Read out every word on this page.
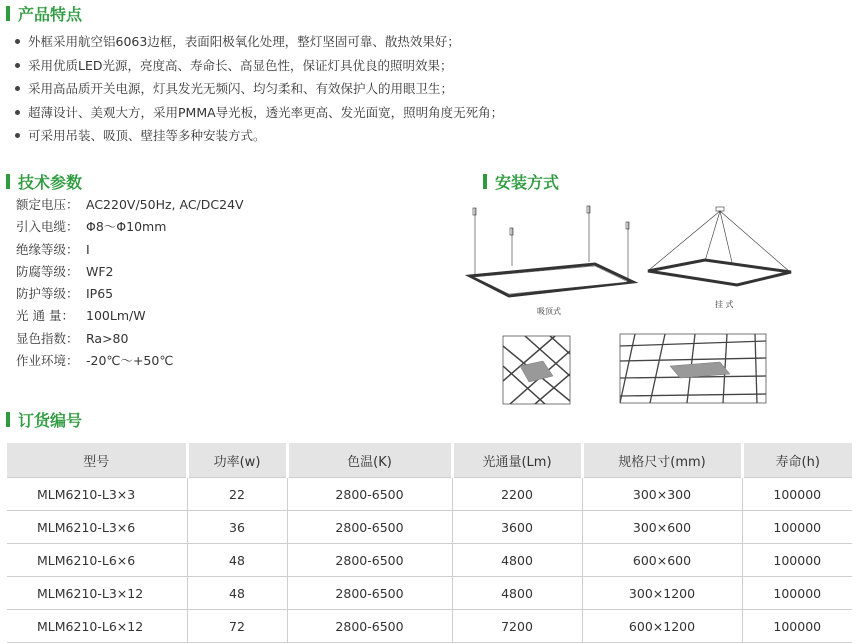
产品特点
外框采用航空铝6063边框，表面阳极氧化处理，整灯坚固可靠、散热效果好；
采用优质LED光源，亮度高、寿命长、高显色性，保证灯具优良的照明效果；
采用高品质开关电源，灯具发光无频闪、均匀柔和、有效保护人的用眼卫生；
超薄设计、美观大方，采用PMMA导光板，透光率更高、发光面宽，照明角度无死角；
可采用吊装、吸顶、壁挂等多种安装方式。
技术参数
额定电压： AC220V/50Hz, AC/DC24V
引入电缆： Φ8～Φ10mm
绝缘等级： I
防腐等级： WF2
防护等级： IP65
光 通 量： 100Lm/W
显色指数： Ra>80
作业环境： -20℃～+50℃
安装方式
吸顶式
挂 式
订货编号
型号	功率(w)	色温(K)	光通量(Lm)	规格尺寸(mm)	寿命(h)
MLM6210-L3×3	22	2800-6500	2200	300×300	100000
MLM6210-L3×6	36	2800-6500	3600	300×600	100000
MLM6210-L6×6	48	2800-6500	4800	600×600	100000
MLM6210-L3×12	48	2800-6500	4800	300×1200	100000
MLM6210-L6×12	72	2800-6500	7200	600×1200	100000
